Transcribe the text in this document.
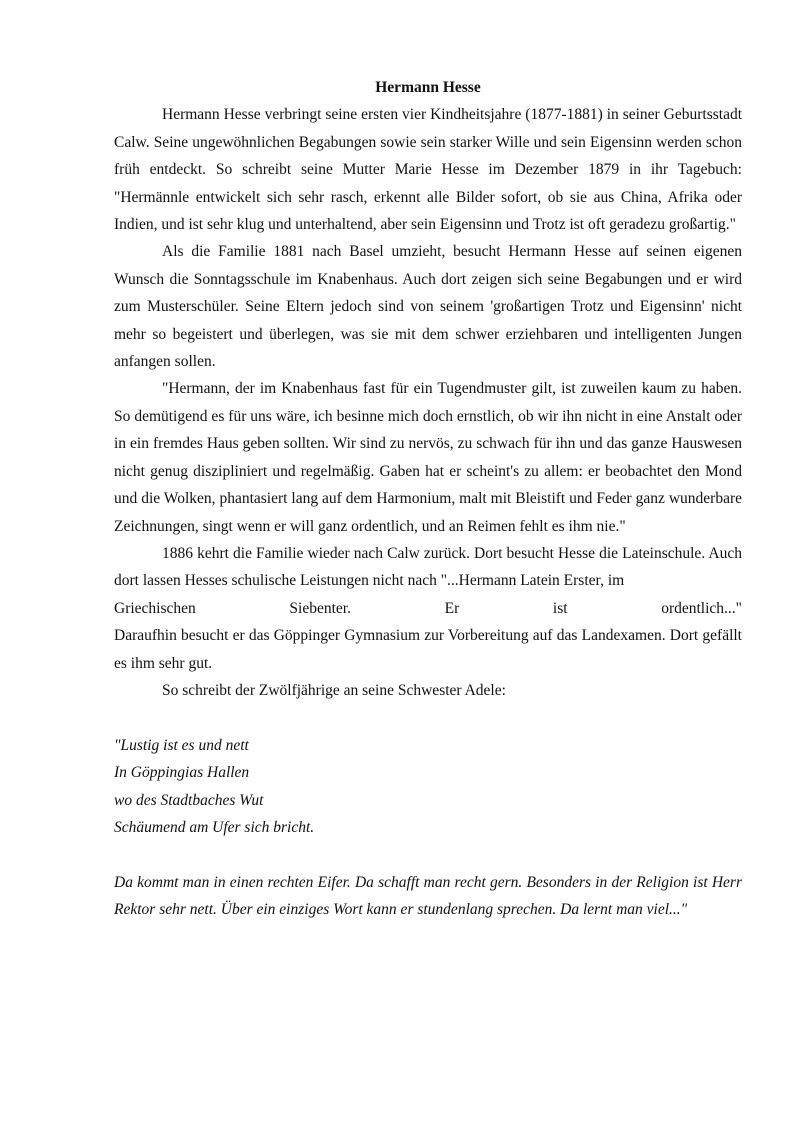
Hermann Hesse

Hermann Hesse verbringt seine ersten vier Kindheitsjahre (1877-1881) in seiner Geburtsstadt Calw. Seine ungewöhnlichen Begabungen sowie sein starker Wille und sein Eigensinn werden schon früh entdeckt. So schreibt seine Mutter Marie Hesse im Dezember 1879 in ihr Tagebuch: "Hermännle entwickelt sich sehr rasch, erkennt alle Bilder sofort, ob sie aus China, Afrika oder Indien, und ist sehr klug und unterhaltend, aber sein Eigensinn und Trotz ist oft geradezu großartig."

Als die Familie 1881 nach Basel umzieht, besucht Hermann Hesse auf seinen eigenen Wunsch die Sonntagsschule im Knabenhaus. Auch dort zeigen sich seine Begabungen und er wird zum Musterschüler. Seine Eltern jedoch sind von seinem 'großartigen Trotz und Eigensinn' nicht mehr so begeistert und überlegen, was sie mit dem schwer erziehbaren und intelligenten Jungen anfangen sollen.

"Hermann, der im Knabenhaus fast für ein Tugendmuster gilt, ist zuweilen kaum zu haben. So demütigend es für uns wäre, ich besinne mich doch ernstlich, ob wir ihn nicht in eine Anstalt oder in ein fremdes Haus geben sollten. Wir sind zu nervös, zu schwach für ihn und das ganze Hauswesen nicht genug diszipliniert und regelmäßig. Gaben hat er scheint's zu allem: er beobachtet den Mond und die Wolken, phantasiert lang auf dem Harmonium, malt mit Bleistift und Feder ganz wunderbare Zeichnungen, singt wenn er will ganz ordentlich, und an Reimen fehlt es ihm nie."

1886 kehrt die Familie wieder nach Calw zurück. Dort besucht Hesse die Lateinschule. Auch dort lassen Hesses schulische Leistungen nicht nach "...Hermann Latein Erster, im

Griechischen Siebenter. Er ist ordentlich..."

Daraufhin besucht er das Göppinger Gymnasium zur Vorbereitung auf das Landexamen. Dort gefällt es ihm sehr gut.

So schreibt der Zwölfjährige an seine Schwester Adele:

"Lustig ist es und nett
In Göppingias Hallen
wo des Stadtbaches Wut
Schäumend am Ufer sich bricht.

Da kommt man in einen rechten Eifer. Da schafft man recht gern. Besonders in der Religion ist Herr Rektor sehr nett. Über ein einziges Wort kann er stundenlang sprechen. Da lernt man viel..."
